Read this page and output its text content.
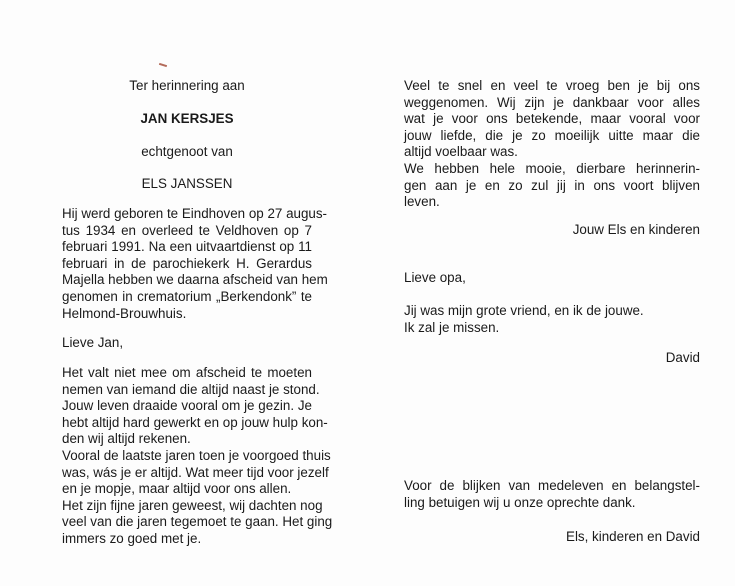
Ter herinnering aan
JAN KERSJES
echtgenoot van
ELS JANSSEN
Hij werd geboren te Eindhoven op 27 augus-
tus 1934 en overleed te Veldhoven op 7
februari 1991. Na een uitvaartdienst op 11
februari in de parochiekerk H. Gerardus
Majella hebben we daarna afscheid van hem
genomen in crematorium „Berkendonk” te
Helmond-Brouwhuis.
Lieve Jan,
Het valt niet mee om afscheid te moeten
nemen van iemand die altijd naast je stond.
Jouw leven draaide vooral om je gezin. Je
hebt altijd hard gewerkt en op jouw hulp kon-
den wij altijd rekenen.
Vooral de laatste jaren toen je voorgoed thuis
was, wás je er altijd. Wat meer tijd voor jezelf
en je mopje, maar altijd voor ons allen.
Het zijn fijne jaren geweest, wij dachten nog
veel van die jaren tegemoet te gaan. Het ging
immers zo goed met je.
Veel te snel en veel te vroeg ben je bij ons
weggenomen. Wij zijn je dankbaar voor alles
wat je voor ons betekende, maar vooral voor
jouw liefde, die je zo moeilijk uitte maar die
altijd voelbaar was.
We hebben hele mooie, dierbare herinnerin-
gen aan je en zo zul jij in ons voort blijven
leven.
Jouw Els en kinderen
Lieve opa,
Jij was mijn grote vriend, en ik de jouwe.
Ik zal je missen.
David
Voor de blijken van medeleven en belangstel-
ling betuigen wij u onze oprechte dank.
Els, kinderen en David
